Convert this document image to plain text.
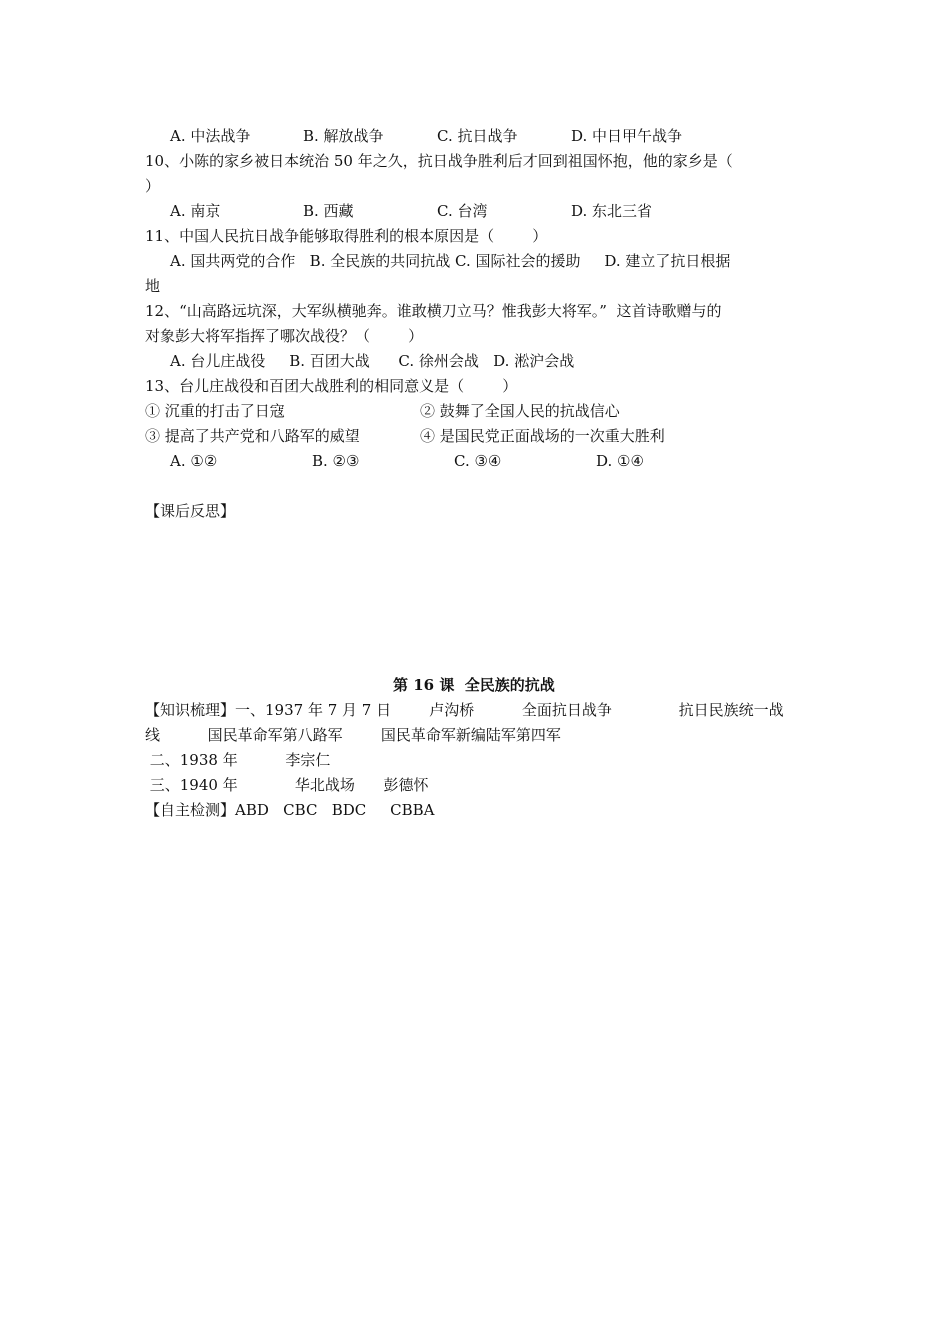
A. 中法战争	B. 解放战争	C. 抗日战争	D. 中日甲午战争
10、小陈的家乡被日本统治 50 年之久，抗日战争胜利后才回到祖国怀抱，他的家乡是（
）
A. 南京	B. 西藏	C. 台湾	D. 东北三省
11、中国人民抗日战争能够取得胜利的根本原因是（        ）
A. 国共两党的合作   B. 全民族的共同抗战 C. 国际社会的援助     D. 建立了抗日根据
地
12、“山高路远坑深，大军纵横驰奔。谁敢横刀立马？惟我彭大将军。”  这首诗歌赠与的
对象彭大将军指挥了哪次战役？（        ）
A. 台儿庄战役     B. 百团大战      C. 徐州会战   D. 淞沪会战
13、台儿庄战役和百团大战胜利的相同意义是（        ）
① 沉重的打击了日寇	② 鼓舞了全国人民的抗战信心
③ 提高了共产党和八路军的威望	④ 是国民党正面战场的一次重大胜利
A. ①②	B. ②③	C. ③④	D. ①④
【课后反思】
第 16 课  全民族的抗战
【知识梳理】一、1937 年 7 月 7 日        卢沟桥          全面抗日战争              抗日民族统一战
线          国民革命军第八路军        国民革命军新编陆军第四军
二、1938 年          李宗仁
三、1940 年            华北战场      彭德怀
【自主检测】ABD   CBC   BDC     CBBA
